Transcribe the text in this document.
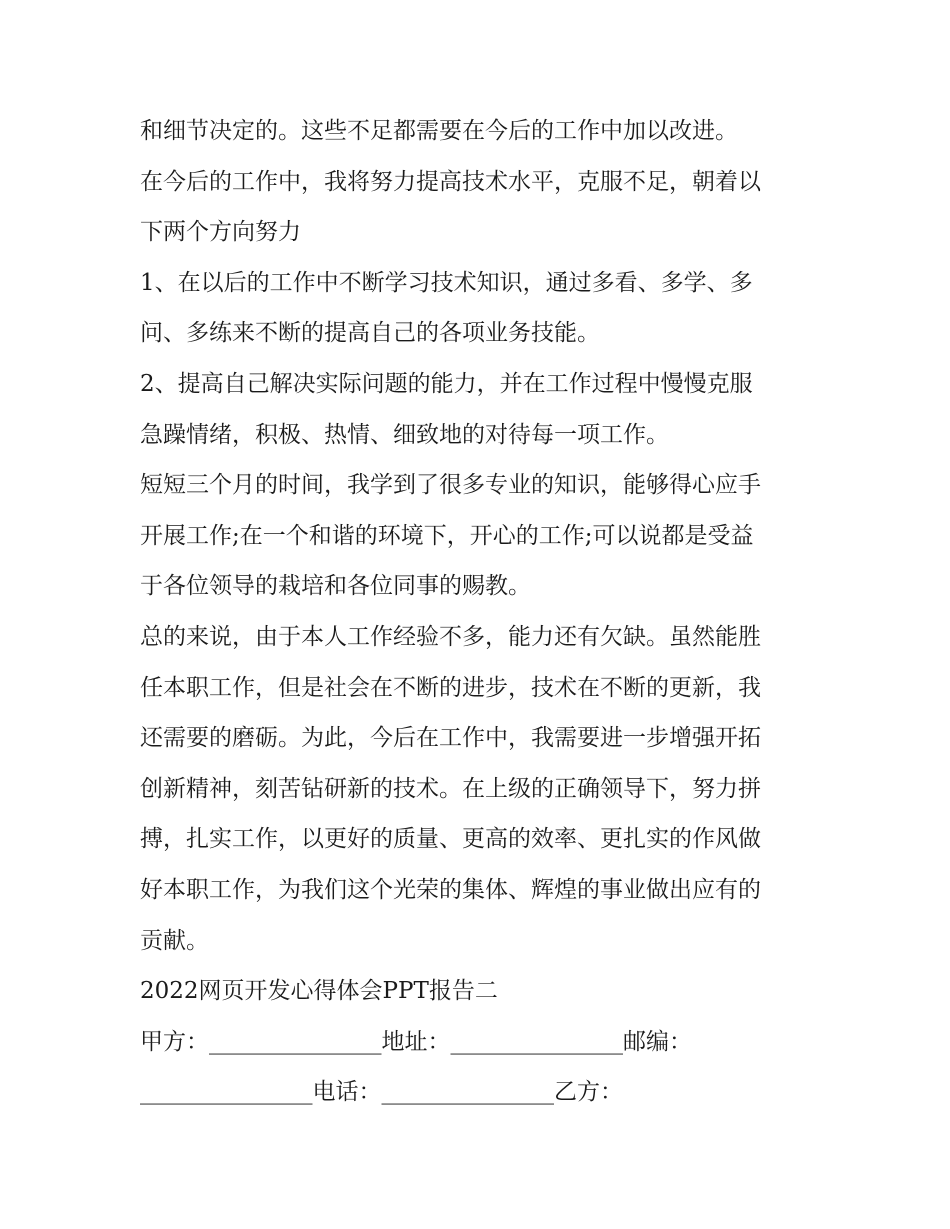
和细节决定的。这些不足都需要在今后的工作中加以改进。
在今后的工作中，我将努力提高技术水平，克服不足，朝着以
下两个方向努力
1、在以后的工作中不断学习技术知识，通过多看、多学、多
问、多练来不断的提高自己的各项业务技能。
2、提高自己解决实际问题的能力，并在工作过程中慢慢克服
急躁情绪，积极、热情、细致地的对待每一项工作。
短短三个月的时间，我学到了很多专业的知识，能够得心应手
开展工作;在一个和谐的环境下，开心的工作;可以说都是受益
于各位领导的栽培和各位同事的赐教。
总的来说，由于本人工作经验不多，能力还有欠缺。虽然能胜
任本职工作，但是社会在不断的进步，技术在不断的更新，我
还需要的磨砺。为此，今后在工作中，我需要进一步增强开拓
创新精神，刻苦钻研新的技术。在上级的正确领导下，努力拼
搏，扎实工作，以更好的质量、更高的效率、更扎实的作风做
好本职工作，为我们这个光荣的集体、辉煌的事业做出应有的
贡献。
2022网页开发心得体会PPT报告二
甲方：_______________地址：_______________邮编：
_______________电话：_______________乙方：
